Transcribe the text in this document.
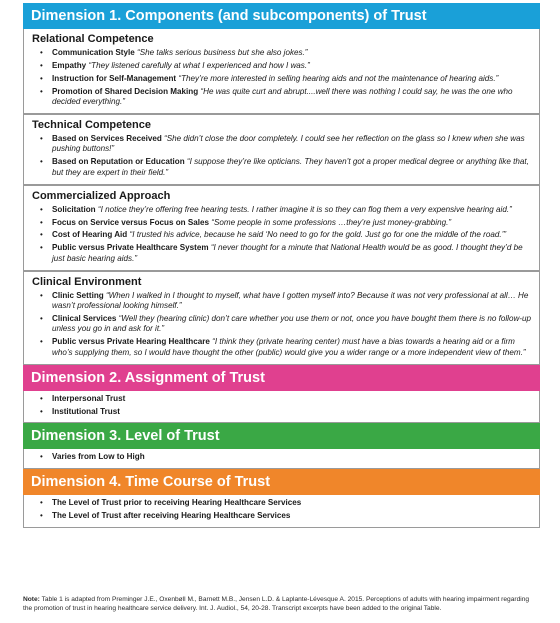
Dimension 1. Components (and subcomponents) of Trust
Relational Competence
• Communication Style “She talks serious business but she also jokes.”
• Empathy “They listened carefully at what I experienced and how I was.”
• Instruction for Self-Management “They’re more interested in selling hearing aids and not the maintenance of hearing aids.”
• Promotion of Shared Decision Making “He was quite curt and abrupt....well there was nothing I could say, he was the one who decided everything.”
Technical Competence
• Based on Services Received “She didn’t close the door completely. I could see her reflection on the glass so I knew when she was pushing buttons!”
• Based on Reputation or Education “I suppose they’re like opticians. They haven’t got a proper medical degree or anything like that, but they are expert in their field.”
Commercialized Approach
• Solicitation “I notice they’re offering free hearing tests. I rather imagine it is so they can flog them a very expensive hearing aid.”
• Focus on Service versus Focus on Sales “Some people in some professions …they’re just money-grabbing.”
• Cost of Hearing Aid “I trusted his advice, because he said ‘No need to go for the gold. Just go for one the middle of the road.’”
• Public versus Private Healthcare System “I never thought for a minute that National Health would be as good. I thought they’d be just basic hearing aids.”
Clinical Environment
• Clinic Setting “When I walked in I thought to myself, what have I gotten myself into? Because it was not very professional at all… He wasn’t professional looking himself.”
• Clinical Services “Well they (hearing clinic) don’t care whether you use them or not, once you have bought them there is no follow-up unless you go in and ask for it.”
• Public versus Private Hearing Healthcare “I think they (private hearing center) must have a bias towards a hearing aid or a firm who’s supplying them, so I would have thought the other (public) would give you a wider range or a more independent view of them.”
Dimension 2. Assignment of Trust
• Interpersonal Trust
• Institutional Trust
Dimension 3. Level of Trust
• Varies from Low to High
Dimension 4. Time Course of Trust
• The Level of Trust prior to receiving Hearing Healthcare Services
• The Level of Trust after receiving Hearing Healthcare Services
Note: Table 1 is adapted from Preminger J.E., Oxenbøll M., Barnett M.B., Jensen L.D. & Laplante-Lévesque A. 2015. Perceptions of adults with hearing impairment regarding the promotion of trust in hearing healthcare service delivery. Int. J. Audiol., 54, 20-28. Transcript excerpts have been added to the original Table.
